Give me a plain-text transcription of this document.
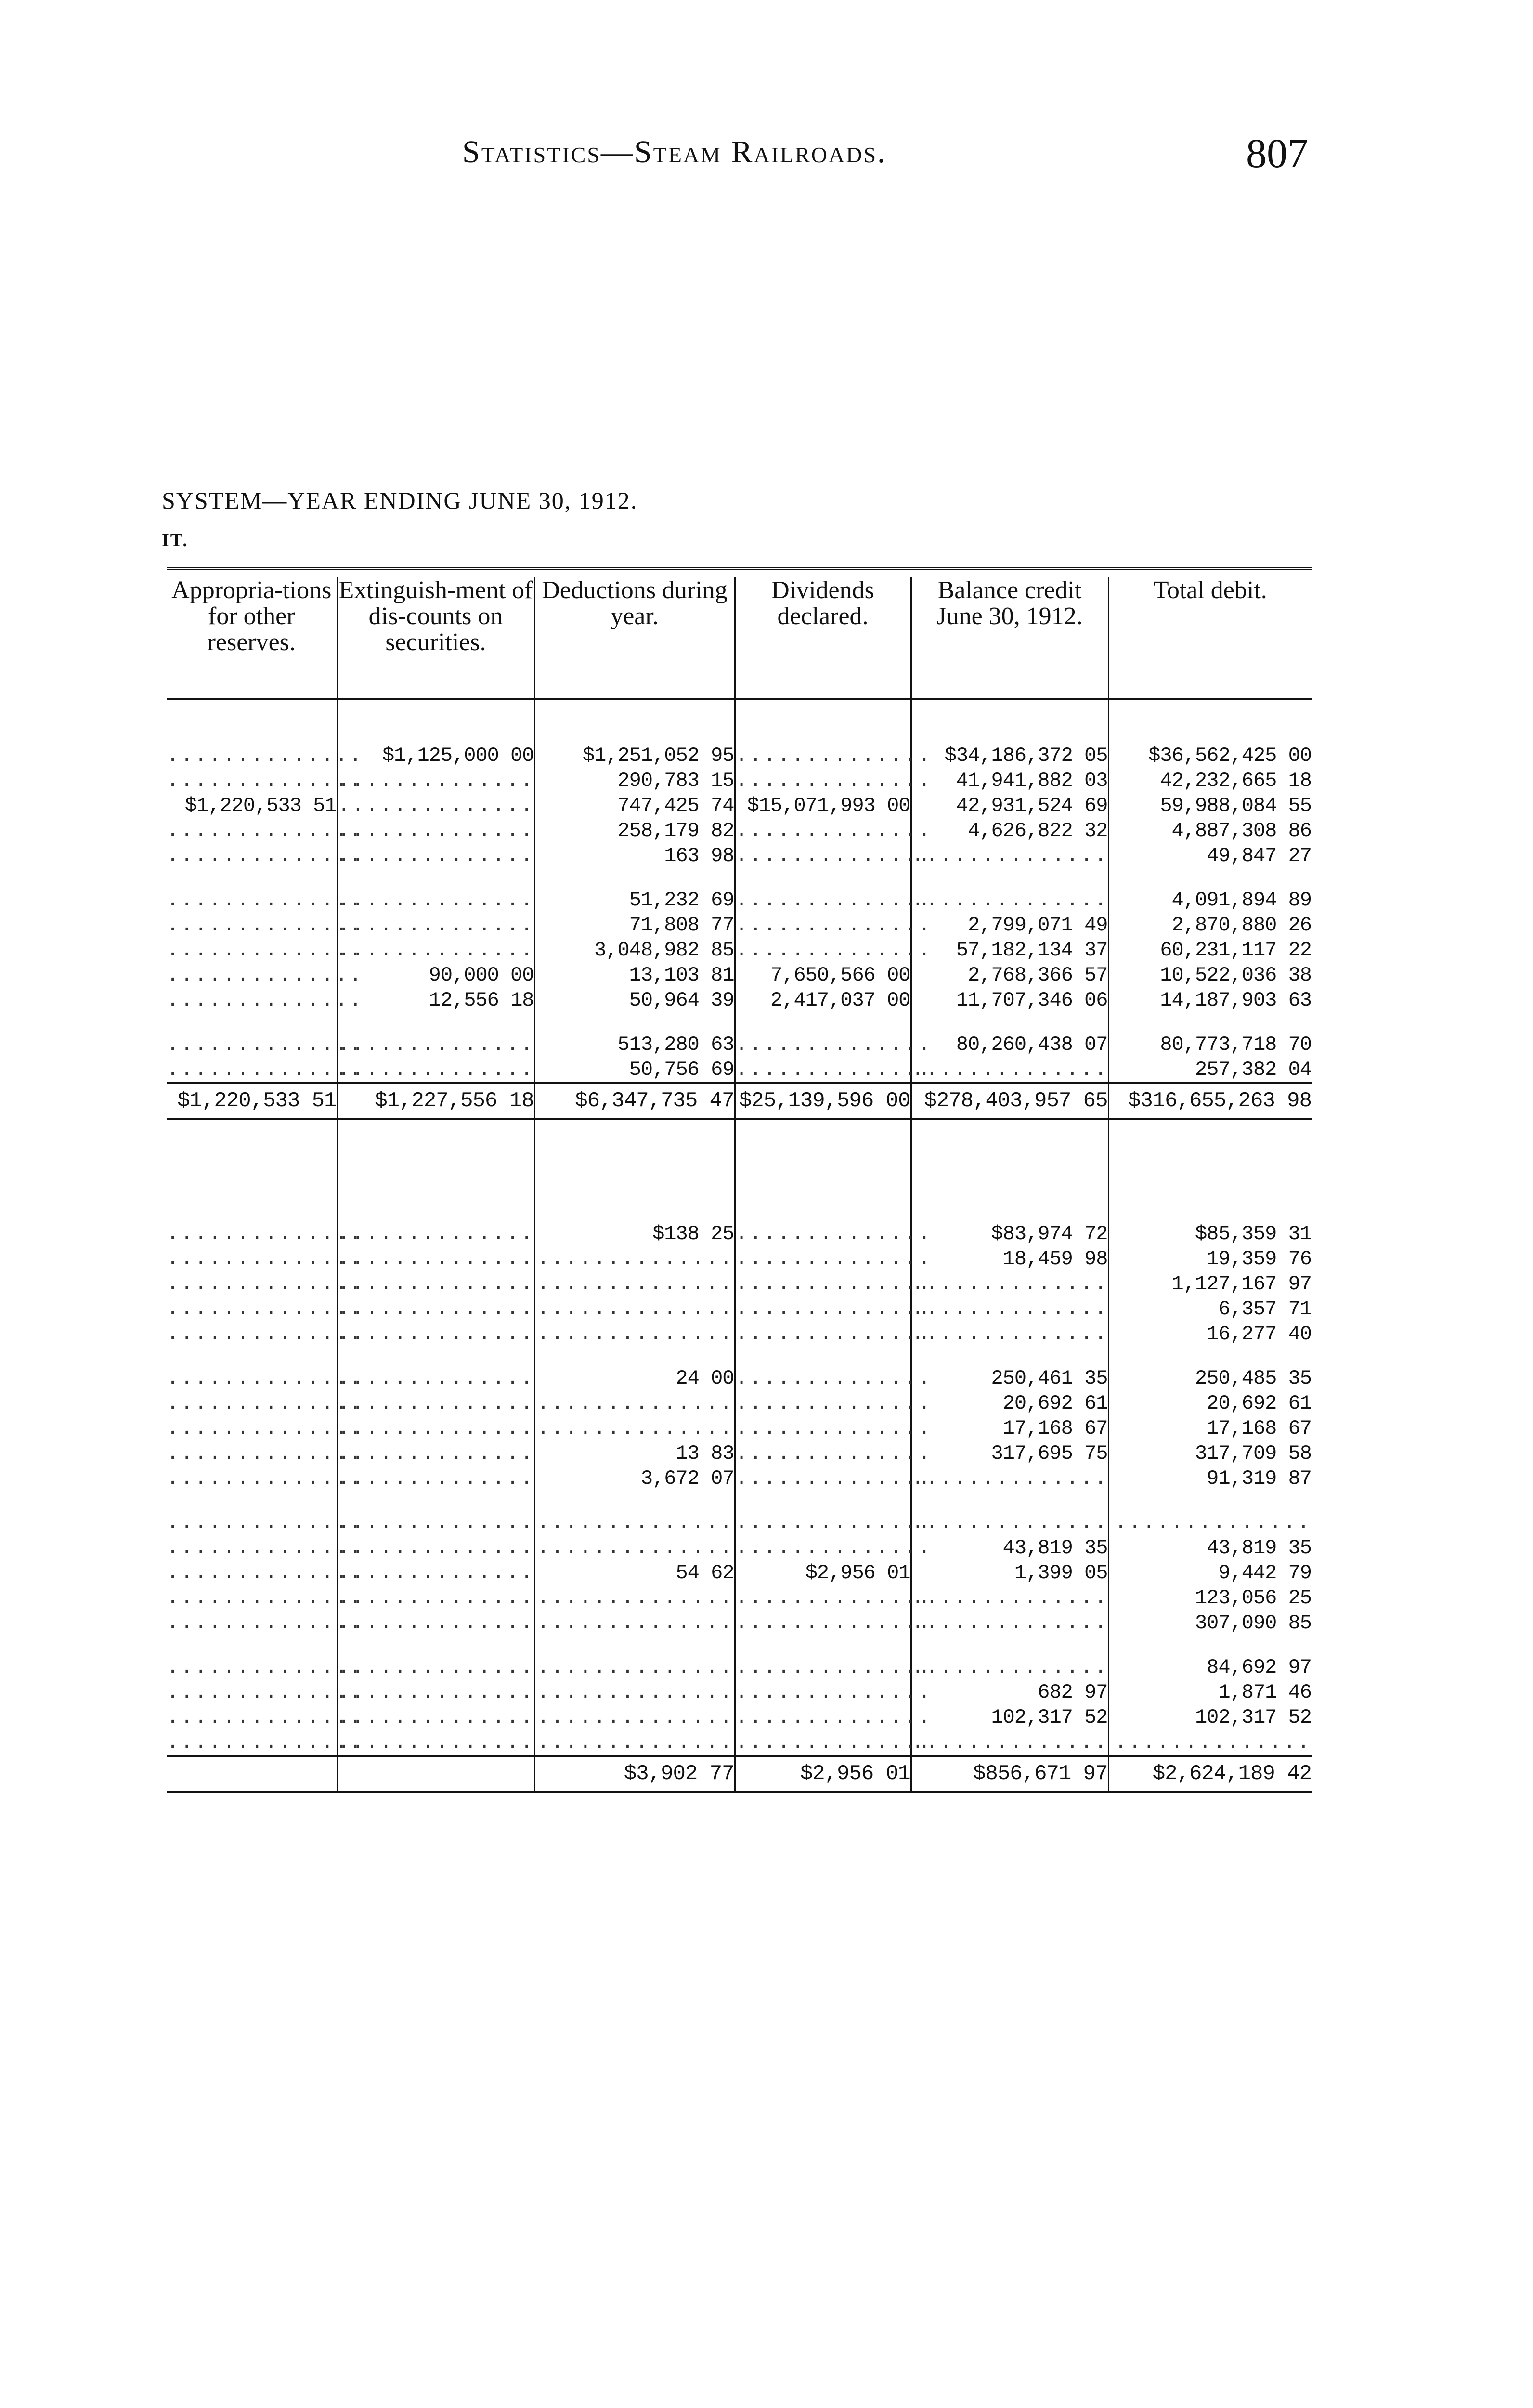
Statistics—Steam Railroads.	807
SYSTEM—YEAR ENDING JUNE 30, 1912.
IT.

Appropria-tions for other reserves.	Extinguish-ment of dis-counts on securities.	Deductions during year.	Dividends declared.	Balance credit June 30, 1912.	Total debit.

..............	$1,125,000 00	$1,251,052 95	..............	$34,186,372 05	$36,562,425 00
..............	..............	290,783 15	..............	41,941,882 03	42,232,665 18
$1,220,533 51	..............	747,425 74	$15,071,993 00	42,931,524 69	59,988,084 55
..............	..............	258,179 82	..............	4,626,822 32	4,887,308 86
..............	..............	163 98	..............	..............	49,847 27

..............	..............	51,232 69	..............	..............	4,091,894 89
..............	..............	71,808 77	..............	2,799,071 49	2,870,880 26
..............	..............	3,048,982 85	..............	57,182,134 37	60,231,117 22
..............	90,000 00	13,103 81	7,650,566 00	2,768,366 57	10,522,036 38
..............	12,556 18	50,964 39	2,417,037 00	11,707,346 06	14,187,903 63

..............	..............	513,280 63	..............	80,260,438 07	80,773,718 70
..............	..............	50,756 69	..............	..............	257,382 04
$1,220,533 51	$1,227,556 18	$6,347,735 47	$25,139,596 00	$278,403,957 65	$316,655,263 98

..............	..............	$138 25	..............	$83,974 72	$85,359 31
..............	..............	..............	..............	18,459 98	19,359 76
..............	..............	..............	..............	..............	1,127,167 97
..............	..............	..............	..............	..............	6,357 71
..............	..............	..............	..............	..............	16,277 40

..............	..............	24 00	..............	250,461 35	250,485 35
..............	..............	..............	..............	20,692 61	20,692 61
..............	..............	..............	..............	17,168 67	17,168 67
..............	..............	13 83	..............	317,695 75	317,709 58
..............	..............	3,672 07	..............	..............	91,319 87

..............	..............	..............	..............	..............	..............
..............	..............	..............	..............	43,819 35	43,819 35
..............	..............	54 62	$2,956 01	1,399 05	9,442 79
..............	..............	..............	..............	..............	123,056 25
..............	..............	..............	..............	..............	307,090 85

..............	..............	..............	..............	..............	84,692 97
..............	..............	..............	..............	682 97	1,871 46
..............	..............	..............	..............	102,317 52	102,317 52
..............	..............	..............	..............	..............	..............
		$3,902 77	$2,956 01	$856,671 97	$2,624,189 42
